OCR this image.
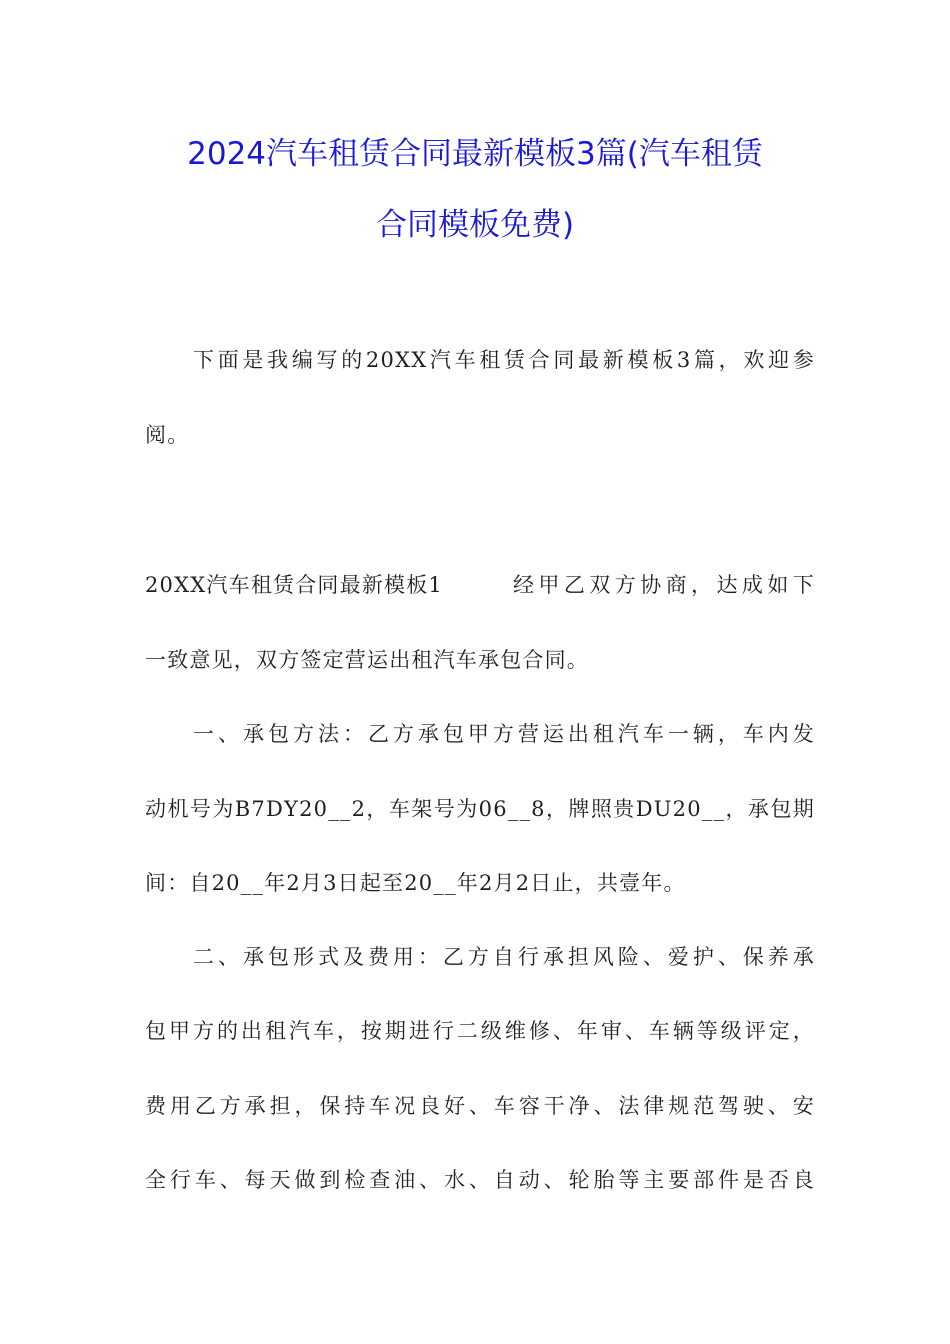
2024汽车租赁合同最新模板3篇(汽车租赁
合同模板免费)
下面是我编写的20XX汽车租赁合同最新模板3篇，欢迎参
阅。
20XX汽车租赁合同最新模板1	经甲乙双方协商，达成如下
一致意见，双方签定营运出租汽车承包合同。
一、承包方法：乙方承包甲方营运出租汽车一辆，车内发
动机号为B7DY20__2，车架号为06__8，牌照贵DU20__，承包期
间：自20__年2月3日起至20__年2月2日止，共壹年。
二、承包形式及费用：乙方自行承担风险、爱护、保养承
包甲方的出租汽车，按期进行二级维修、年审、车辆等级评定，
费用乙方承担，保持车况良好、车容干净、法律规范驾驶、安
全行车、每天做到检查油、水、自动、轮胎等主要部件是否良
